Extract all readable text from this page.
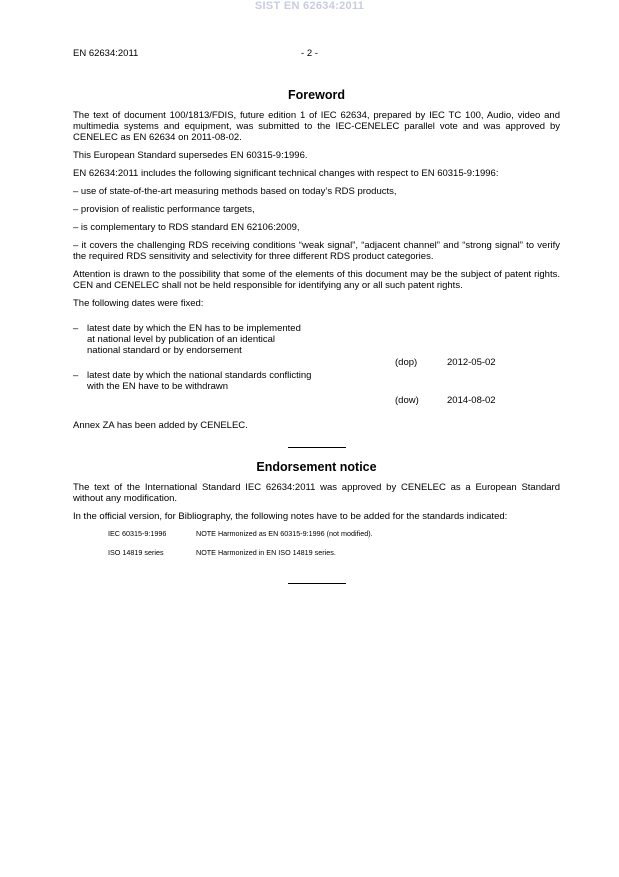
SIST EN 62634:2011
EN 62634:2011	- 2 -
Foreword

The text of document 100/1813/FDIS, future edition 1 of IEC 62634, prepared by IEC TC 100, Audio, video and multimedia systems and equipment, was submitted to the IEC-CENELEC parallel vote and was approved by CENELEC as EN 62634 on 2011-08-02.

This European Standard supersedes EN 60315-9:1996.

EN 62634:2011 includes the following significant technical changes with respect to EN 60315-9:1996:

– use of state-of-the-art measuring methods based on today’s RDS products,

– provision of realistic performance targets,

– is complementary to RDS standard EN 62106:2009,

– it covers the challenging RDS receiving conditions “weak signal”, “adjacent channel” and “strong signal” to verify the required RDS sensitivity and selectivity for three different RDS product categories.

Attention is drawn to the possibility that some of the elements of this document may be the subject of patent rights. CEN and CENELEC shall not be held responsible for identifying any or all such patent rights.

The following dates were fixed:

– latest date by which the EN has to be implemented
at national level by publication of an identical
national standard or by endorsement
(dop)	2012-05-02
– latest date by which the national standards conflicting
with the EN have to be withdrawn
(dow)	2014-08-02

Annex ZA has been added by CENELEC.

Endorsement notice

The text of the International Standard IEC 62634:2011 was approved by CENELEC as a European Standard without any modification.

In the official version, for Bibliography, the following notes have to be added for the standards indicated:

IEC 60315-9:1996	NOTE Harmonized as EN 60315-9:1996 (not modified).
ISO 14819 series	NOTE Harmonized in EN ISO 14819 series.
